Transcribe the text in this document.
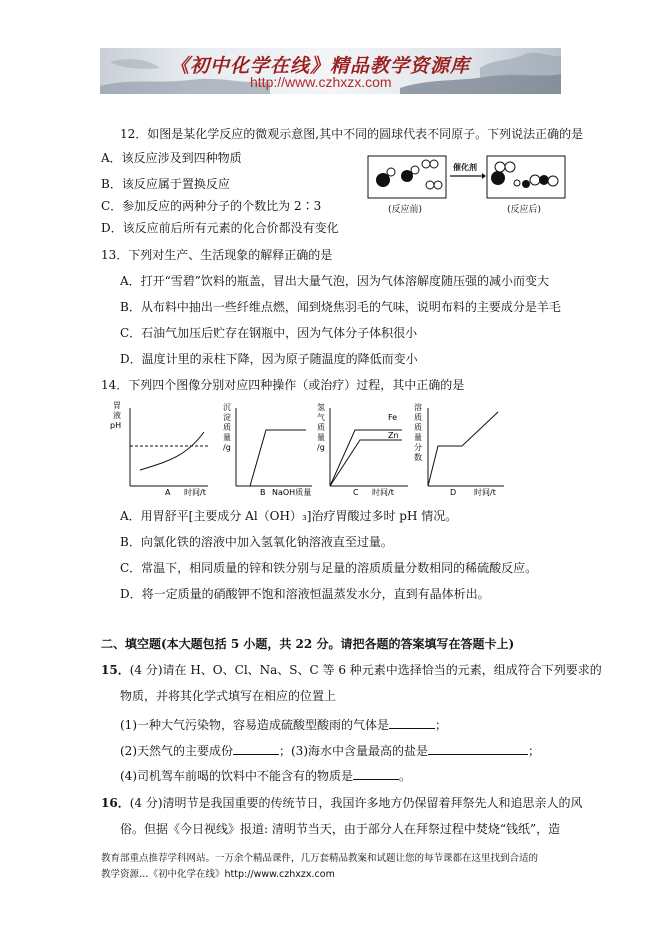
《初中化学在线》精品教学资源库
http://www.czhxzx.com
12．如图是某化学反应的微观示意图,其中不同的圆球代表不同原子。下列说法正确的是
A．该反应涉及到四种物质
B．该反应属于置换反应
C．参加反应的两种分子的个数比为 2∶3
D．该反应前后所有元素的化合价都没有变化
催化剂
(反应前)	(反应后)
13．下列对生产、生活现象的解释正确的是
A．打开“雪碧”饮料的瓶盖，冒出大量气泡，因为气体溶解度随压强的减小而变大
B．从布料中抽出一些纤维点燃，闻到烧焦羽毛的气味，说明布料的主要成分是羊毛
C．石油气加压后贮存在钢瓶中，因为气体分子体积很小
D．温度计里的汞柱下降，因为原子随温度的降低而变小
14．下列四个图像分别对应四种操作（或治疗）过程，其中正确的是
胃
液
pH
A 时间/t
沉
淀
质
量
/g
B NaOH质量
氢
气
质
量
/g
Fe
Zn
C 时间/t
溶
质
质
量
分
数
D 时间/t
A．用胃舒平[主要成分 Al（OH）₃]治疗胃酸过多时 pH 情况。
B．向氯化铁的溶液中加入氢氧化钠溶液直至过量。
C．常温下，相同质量的锌和铁分别与足量的溶质质量分数相同的稀硫酸反应。
D．将一定质量的硝酸钾不饱和溶液恒温蒸发水分，直到有晶体析出。
二、填空题(本大题包括 5 小题，共 22 分。请把各题的答案填写在答题卡上)
15．(4 分)请在 H、O、Cl、Na、S、C 等 6 种元素中选择恰当的元素，组成符合下列要求的
物质，并将其化学式填写在相应的位置上
(1)一种大气污染物，容易造成硫酸型酸雨的气体是	；
(2)天然气的主要成份	；(3)海水中含量最高的盐是	；
(4)司机驾车前喝的饮料中不能含有的物质是	。
16．(4 分)清明节是我国重要的传统节日，我国许多地方仍保留着拜祭先人和追思亲人的风
俗。但据《今日视线》报道: 清明节当天，由于部分人在拜祭过程中焚烧“钱纸”，造
教育部重点推荐学科网站。一万余个精品课件，几万套精品教案和试题让您的每节课都在这里找到合适的
教学资源…《初中化学在线》http://www.czhxzx.com
